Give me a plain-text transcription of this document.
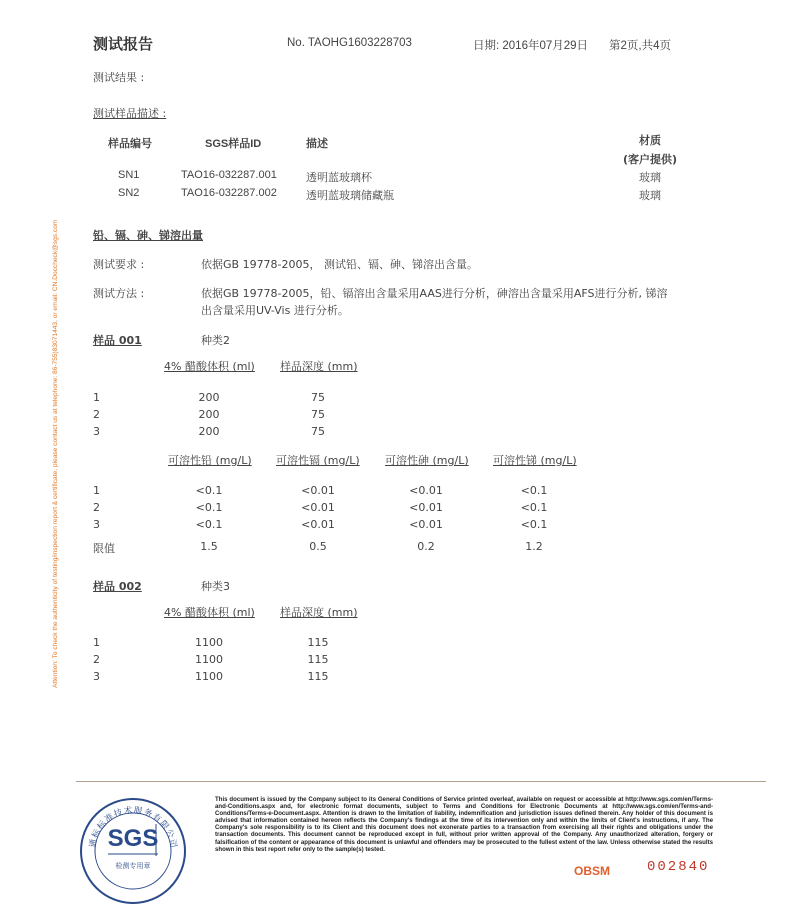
Attention: To check the authenticity of testing/inspection report & certificate, please contact us at telephone: 86-755)83071443, or email: CN.Doccheck@sgs.com
测试报告	No. TAOHG1603228703	日期: 2016年07月29日 第2页,共4页
测试结果 :
测试样品描述 :
样品编号	SGS样品ID	描述	材质
(客户提供)
SN1	TAO16-032287.001	透明蓝玻璃杯	玻璃
SN2	TAO16-032287.002	透明蓝玻璃储藏瓶	玻璃
铅、镉、砷、锑溶出量
测试要求 :	依据GB 19778-2005， 测试铅、镉、砷、锑溶出含量。
测试方法 :	依据GB 19778-2005，铅、镉溶出含量采用AAS进行分析，砷溶出含量采用AFS进行分析, 锑溶
出含量采用UV-Vis 进行分析。
样品 001	种类2
4% 醋酸体积 (ml) 样品深度 (mm)
1	200	75
2	200	75
3	200	75
可溶性铅 (mg/L) 可溶性镉 (mg/L) 可溶性砷 (mg/L) 可溶性锑 (mg/L)
1	<0.1	<0.01	<0.01	<0.1
2	<0.1	<0.01	<0.01	<0.1
3	<0.1	<0.01	<0.01	<0.1
限值	1.5	0.5	0.2	1.2
样品 002	种类3
4% 醋酸体积 (ml) 样品深度 (mm)
1	1100	115
2	1100	115
3	1100	115
通标标准技术服务有限公司
SGS
检测专用章
This document is issued by the Company subject to its General Conditions of Service printed overleaf, available on request or accessible at http://www.sgs.com/en/Terms-and-Conditions.aspx and, for electronic format documents, subject to Terms and Conditions for Electronic Documents at http://www.sgs.com/en/Terms-and-Conditions/Terms-e-Document.aspx. Attention is drawn to the limitation of liability, indemnification and jurisdiction issues defined therein. Any holder of this document is advised that information contained hereon reflects the Company's findings at the time of its intervention only and within the limits of Client's instructions, if any. The Company's sole responsibility is to its Client and this document does not exonerate parties to a transaction from exercising all their rights and obligations under the transaction documents. This document cannot be reproduced except in full, without prior written approval of the Company. Any unauthorized alteration, forgery or falsification of the content or appearance of this document is unlawful and offenders may be prosecuted to the fullest extent of the law. Unless otherwise stated the results shown in this test report refer only to the sample(s) tested.
OBSM	002840
